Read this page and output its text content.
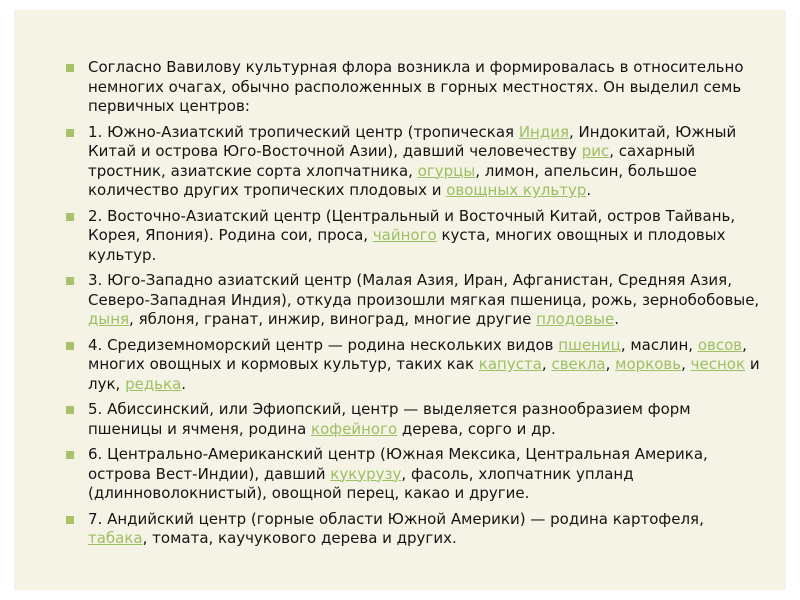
Согласно Вавилову культурная флора возникла и формировалась в относительно немногих очагах, обычно расположенных в горных местностях. Он выделил семь первичных центров:

1. Южно-Азиатский тропический центр (тропическая Индия, Индокитай, Южный Китай и острова Юго-Восточной Азии), давший человечеству рис, сахарный тростник, азиатские сорта хлопчатника, огурцы, лимон, апельсин, большое количество других тропических плодовых и овощных культур.

2. Восточно-Азиатский центр (Центральный и Восточный Китай, остров Тайвань, Корея, Япония). Родина сои, проса, чайного куста, многих овощных и плодовых культур.

3. Юго-Западно азиатский центр (Малая Азия, Иран, Афганистан, Средняя Азия, Северо-Западная Индия), откуда произошли мягкая пшеница, рожь, зернобобовые, дыня, яблоня, гранат, инжир, виноград, многие другие плодовые.

4. Средиземноморский центр — родина нескольких видов пшениц, маслин, овсов, многих овощных и кормовых культур, таких как капуста, свекла, морковь, чеснок и лук, редька.

5. Абиссинский, или Эфиопский, центр — выделяется разнообразием форм пшеницы и ячменя, родина кофейного дерева, сорго и др.

6. Центрально-Американский центр (Южная Мексика, Центральная Америка, острова Вест-Индии), давший кукурузу, фасоль, хлопчатник упланд (длинноволокнистый), овощной перец, какао и другие.

7. Андийский центр (горные области Южной Америки) — родина картофеля, табака, томата, каучукового дерева и других.
